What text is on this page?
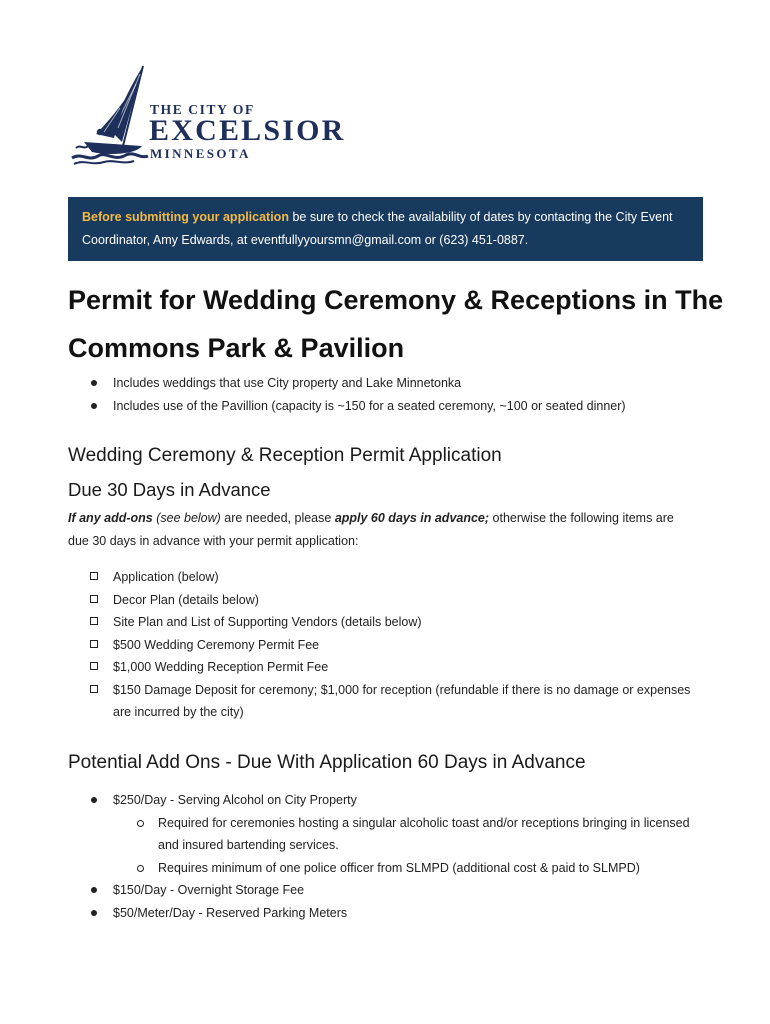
THE CITY OF
EXCELSIOR
MINNESOTA
Before submitting your application be sure to check the availability of dates by contacting the City Event Coordinator, Amy Edwards, at eventfullyyoursmn@gmail.com or (623) 451-0887.
Permit for Wedding Ceremony & Receptions in The Commons Park & Pavilion
Includes weddings that use City property and Lake Minnetonka
Includes use of the Pavillion (capacity is ~150 for a seated ceremony, ~100 or seated dinner)
Wedding Ceremony & Reception Permit Application
Due 30 Days in Advance

If any add-ons (see below) are needed, please apply 60 days in advance; otherwise the following items are due 30 days in advance with your permit application:

Application (below)
Decor Plan (details below)
Site Plan and List of Supporting Vendors (details below)
$500 Wedding Ceremony Permit Fee
$1,000 Wedding Reception Permit Fee
$150 Damage Deposit for ceremony; $1,000 for reception (refundable if there is no damage or expenses are incurred by the city)
Potential Add Ons - Due With Application 60 Days in Advance
$250/Day - Serving Alcohol on City Property
Required for ceremonies hosting a singular alcoholic toast and/or receptions bringing in licensed and insured bartending services.
Requires minimum of one police officer from SLMPD (additional cost & paid to SLMPD)
$150/Day - Overnight Storage Fee
$50/Meter/Day - Reserved Parking Meters
